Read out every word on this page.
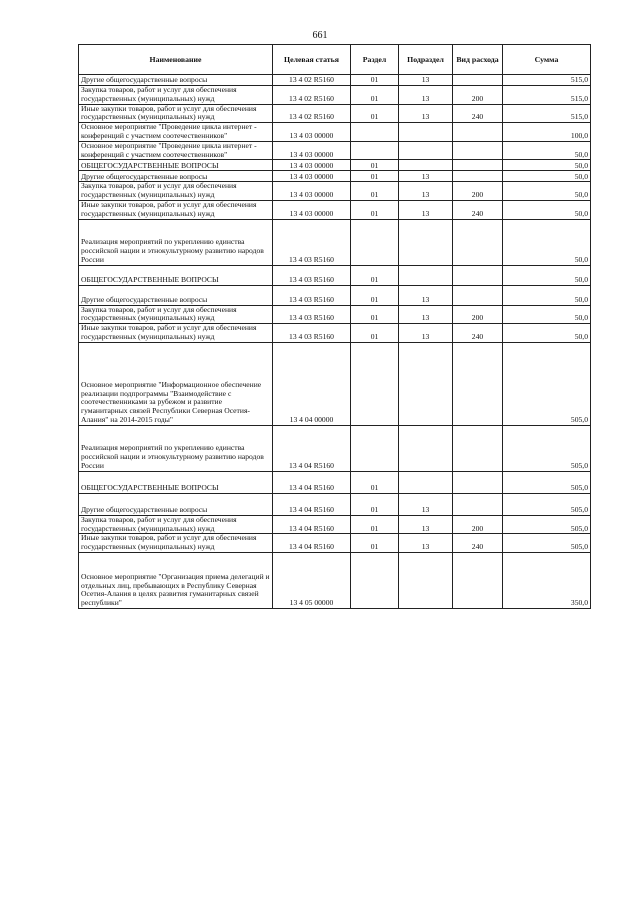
661
Наименование	Целевая статья	Раздел	Подраздел	Вид расхода	Сумма
Другие общегосударственные вопросы	13 4 02 R5160	01	13		515,0
Закупка товаров, работ и услуг для обеспечения государственных (муниципальных) нужд	13 4 02 R5160	01	13	200	515,0
Иные закупки товаров, работ и услуг для обеспечения государственных (муниципальных) нужд	13 4 02 R5160	01	13	240	515,0
Основное мероприятие "Проведение цикла интернет - конференций с участием соотечественников"	13 4 03 00000				100,0
Основное мероприятие "Проведение цикла интернет - конференций с участием соотечественников"	13 4 03 00000				50,0
ОБЩЕГОСУДАРСТВЕННЫЕ ВОПРОСЫ	13 4 03 00000	01			50,0
Другие общегосударственные вопросы	13 4 03 00000	01	13		50,0
Закупка товаров, работ и услуг для обеспечения государственных (муниципальных) нужд	13 4 03 00000	01	13	200	50,0
Иные закупки товаров, работ и услуг для обеспечения государственных (муниципальных) нужд	13 4 03 00000	01	13	240	50,0
Реализация мероприятий по укреплению единства российской нации и этнокультурному развитию народов России	13 4 03 R5160				50,0
ОБЩЕГОСУДАРСТВЕННЫЕ ВОПРОСЫ	13 4 03 R5160	01			50,0
Другие общегосударственные вопросы	13 4 03 R5160	01	13		50,0
Закупка товаров, работ и услуг для обеспечения государственных (муниципальных) нужд	13 4 03 R5160	01	13	200	50,0
Иные закупки товаров, работ и услуг для обеспечения государственных (муниципальных) нужд	13 4 03 R5160	01	13	240	50,0
Основное мероприятие "Информационное обеспечение реализации подпрограммы "Взаимодействие с соотечественниками за рубежом и развитие гуманитарных связей Республики Северная Осетия-Алания" на 2014-2015 годы"	13 4 04 00000				505,0
Реализация мероприятий по укреплению единства российской нации и этнокультурному развитию народов России	13 4 04 R5160				505,0
ОБЩЕГОСУДАРСТВЕННЫЕ ВОПРОСЫ	13 4 04 R5160	01			505,0
Другие общегосударственные вопросы	13 4 04 R5160	01	13		505,0
Закупка товаров, работ и услуг для обеспечения государственных (муниципальных) нужд	13 4 04 R5160	01	13	200	505,0
Иные закупки товаров, работ и услуг для обеспечения государственных (муниципальных) нужд	13 4 04 R5160	01	13	240	505,0
Основное мероприятие "Организация приема делегаций и отдельных лиц, пребывающих в Республику Северная Осетия-Алания в целях развития гуманитарных связей республики"	13 4 05 00000				350,0
